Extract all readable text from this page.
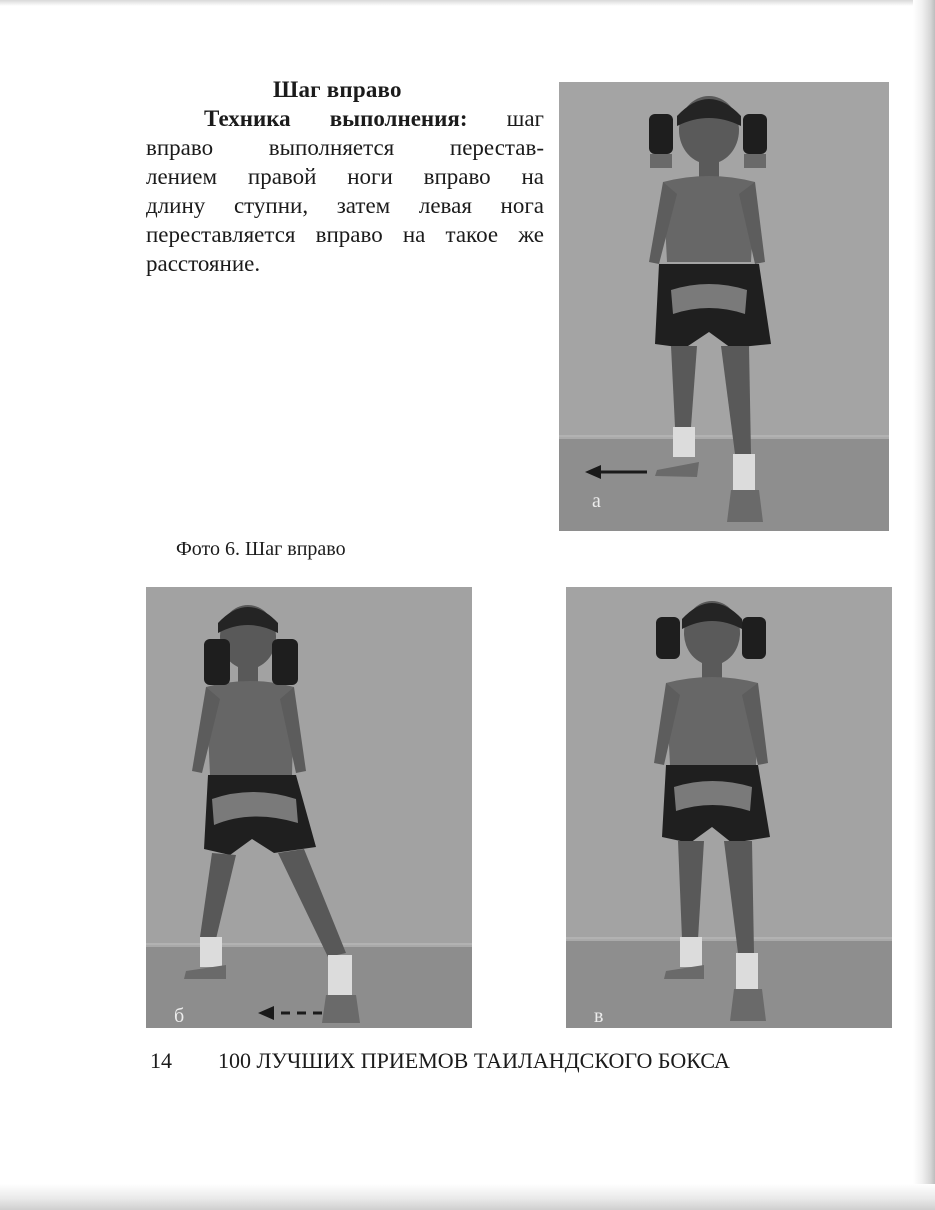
Шаг вправо
Техника выполнения: шаг
вправо выполняется перестав-
лением правой ноги вправо на
длину ступни, затем левая нога
переставляется вправо на такое же
расстояние.
а

Фото 6. Шаг вправо

б	в
14 100 ЛУЧШИХ ПРИЕМОВ ТАИЛАНДСКОГО БОКСА
